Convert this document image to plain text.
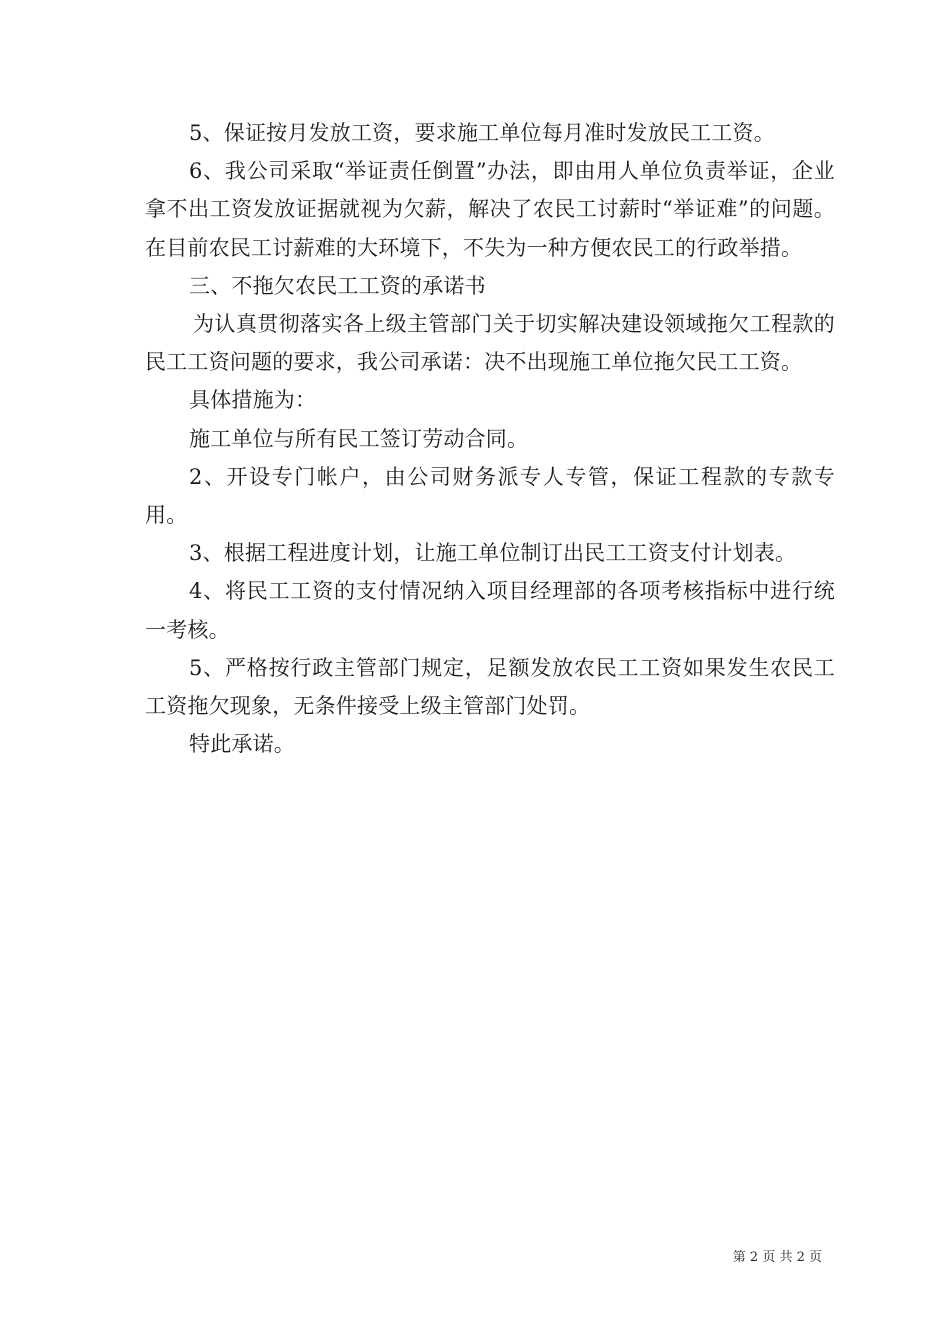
5、保证按月发放工资，要求施工单位每月准时发放民工工资。

6、我公司采取“举证责任倒置”办法，即由用人单位负责举证，企业拿不出工资发放证据就视为欠薪，解决了农民工讨薪时“举证难”的问题。在目前农民工讨薪难的大环境下，不失为一种方便农民工的行政举措。

三、不拖欠农民工工资的承诺书

为认真贯彻落实各上级主管部门关于切实解决建设领域拖欠工程款的民工工资问题的要求，我公司承诺：决不出现施工单位拖欠民工工资。

具体措施为：

施工单位与所有民工签订劳动合同。

2、开设专门帐户，由公司财务派专人专管，保证工程款的专款专用。

3、根据工程进度计划，让施工单位制订出民工工资支付计划表。

4、将民工工资的支付情况纳入项目经理部的各项考核指标中进行统一考核。

5、严格按行政主管部门规定，足额发放农民工工资如果发生农民工工资拖欠现象，无条件接受上级主管部门处罚。

特此承诺。

第 2 页 共 2 页
